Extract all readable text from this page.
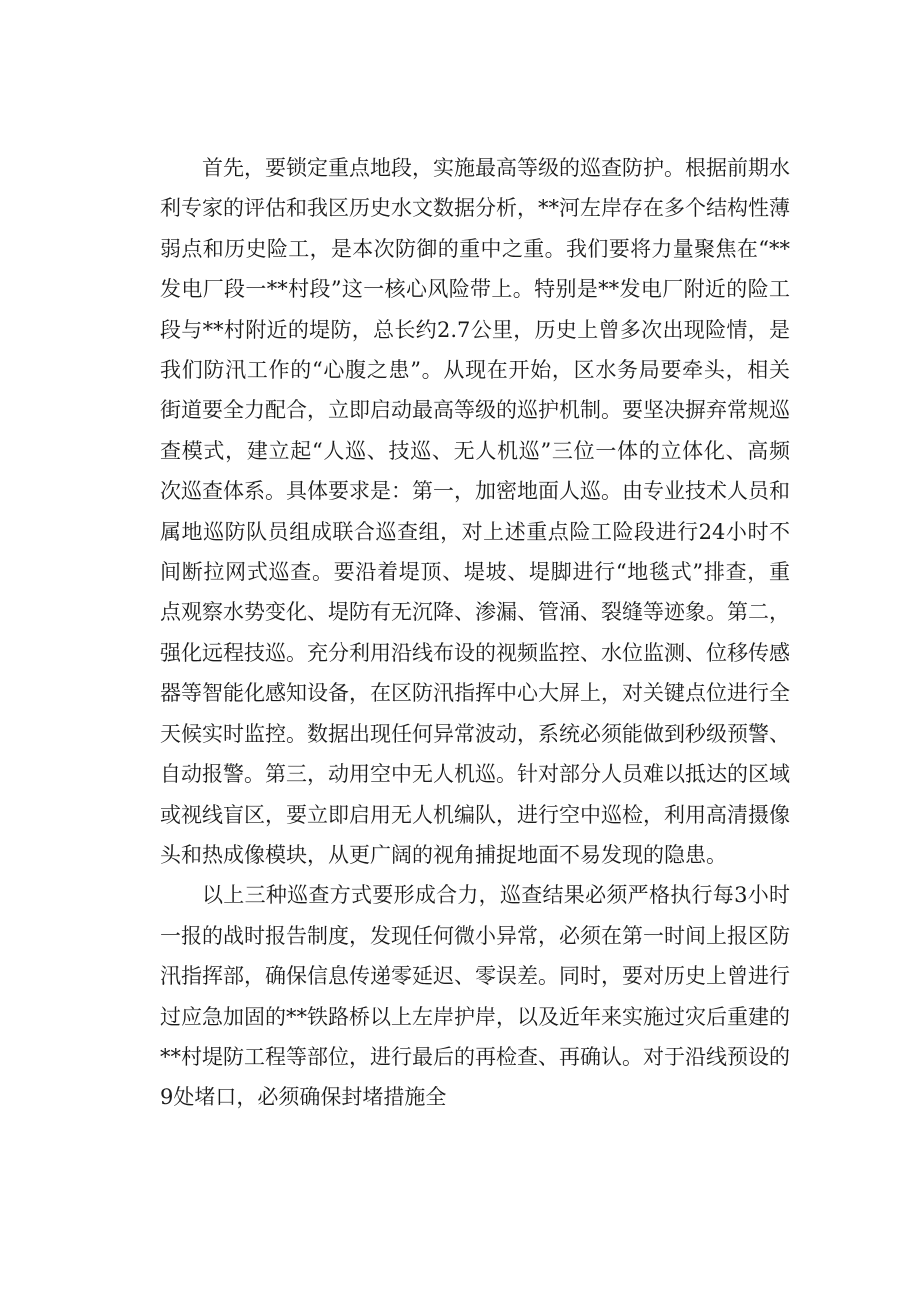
首先，要锁定重点地段，实施最高等级的巡查防护。根据前期水利专家的评估和我区历史水文数据分析，**河左岸存在多个结构性薄弱点和历史险工，是本次防御的重中之重。我们要将力量聚焦在“**发电厂段一**村段”这一核心风险带上。特别是**发电厂附近的险工段与**村附近的堤防，总长约2.7公里，历史上曾多次出现险情，是我们防汛工作的“心腹之患”。从现在开始，区水务局要牵头，相关街道要全力配合，立即启动最高等级的巡护机制。要坚决摒弃常规巡查模式，建立起“人巡、技巡、无人机巡”三位一体的立体化、高频次巡查体系。具体要求是：第一，加密地面人巡。由专业技术人员和属地巡防队员组成联合巡查组，对上述重点险工险段进行24小时不间断拉网式巡查。要沿着堤顶、堤坡、堤脚进行“地毯式”排查，重点观察水势变化、堤防有无沉降、渗漏、管涌、裂缝等迹象。第二，强化远程技巡。充分利用沿线布设的视频监控、水位监测、位移传感器等智能化感知设备，在区防汛指挥中心大屏上，对关键点位进行全天候实时监控。数据出现任何异常波动，系统必须能做到秒级预警、自动报警。第三，动用空中无人机巡。针对部分人员难以抵达的区域或视线盲区，要立即启用无人机编队，进行空中巡检，利用高清摄像头和热成像模块，从更广阔的视角捕捉地面不易发现的隐患。

以上三种巡查方式要形成合力，巡查结果必须严格执行每3小时一报的战时报告制度，发现任何微小异常，必须在第一时间上报区防汛指挥部，确保信息传递零延迟、零误差。同时，要对历史上曾进行过应急加固的**铁路桥以上左岸护岸，以及近年来实施过灾后重建的**村堤防工程等部位，进行最后的再检查、再确认。对于沿线预设的9处堵口，必须确保封堵措施全
